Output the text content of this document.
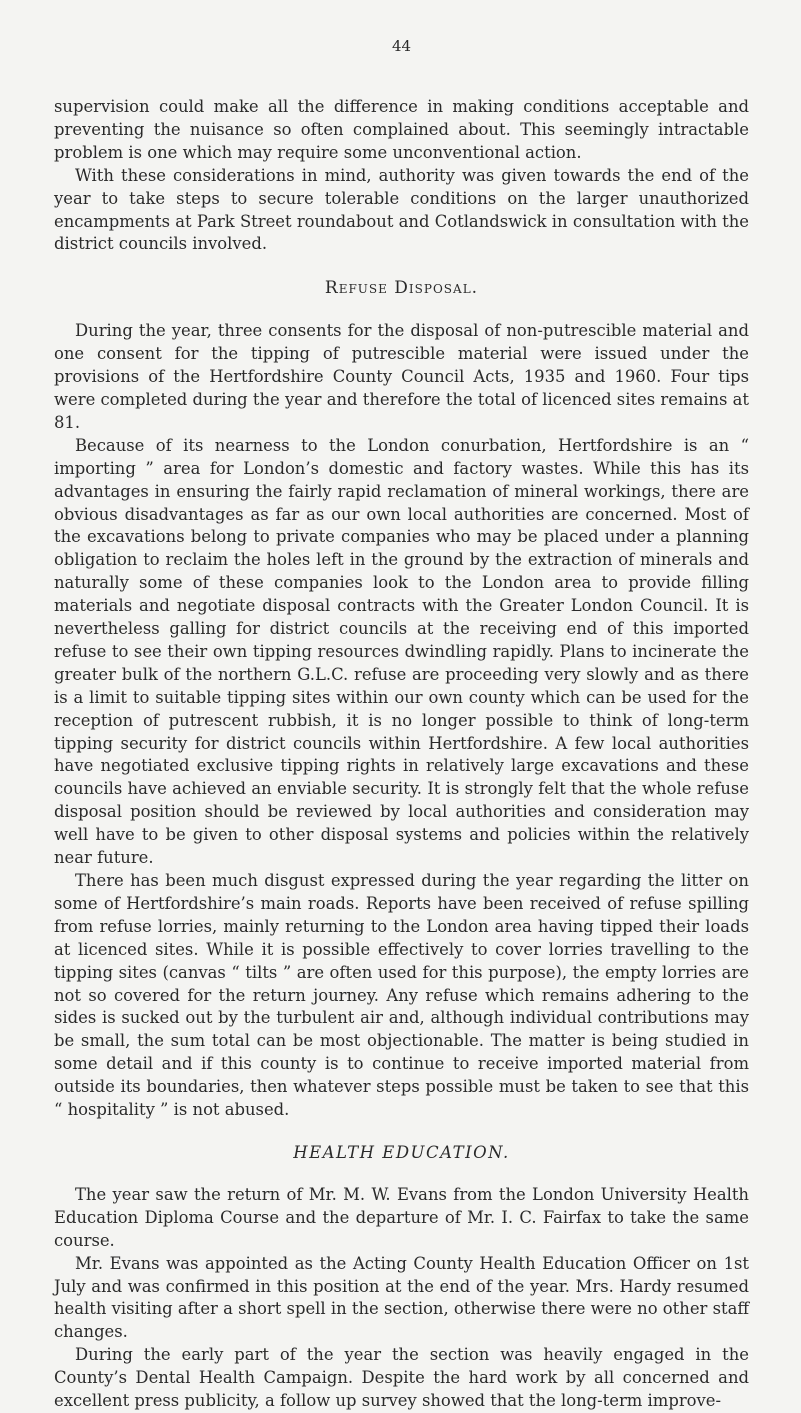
44

supervision could make all the difference in making conditions acceptable and preventing the nuisance so often complained about. This seemingly intractable problem is one which may require some unconventional action.

With these considerations in mind, authority was given towards the end of the year to take steps to secure tolerable conditions on the larger unauthorized encampments at Park Street roundabout and Cotlandswick in consultation with the district councils involved.

Refuse Disposal.

During the year, three consents for the disposal of non-putrescible material and one consent for the tipping of putrescible material were issued under the provisions of the Hertfordshire County Council Acts, 1935 and 1960. Four tips were completed during the year and therefore the total of licenced sites remains at 81.

Because of its nearness to the London conurbation, Hertfordshire is an “ importing ” area for London’s domestic and factory wastes. While this has its advantages in ensuring the fairly rapid reclamation of mineral workings, there are obvious disadvantages as far as our own local authorities are concerned. Most of the excavations belong to private companies who may be placed under a planning obligation to reclaim the holes left in the ground by the extraction of minerals and naturally some of these companies look to the London area to provide filling materials and negotiate disposal contracts with the Greater London Council. It is nevertheless galling for district councils at the receiving end of this imported refuse to see their own tipping resources dwindling rapidly. Plans to incinerate the greater bulk of the northern G.L.C. refuse are proceeding very slowly and as there is a limit to suitable tipping sites within our own county which can be used for the reception of putrescent rubbish, it is no longer possible to think of long-term tipping security for district councils within Hertfordshire. A few local authorities have negotiated exclusive tipping rights in relatively large excavations and these councils have achieved an enviable security. It is strongly felt that the whole refuse disposal position should be reviewed by local authorities and consideration may well have to be given to other disposal systems and policies within the relatively near future.

There has been much disgust expressed during the year regarding the litter on some of Hertfordshire’s main roads. Reports have been received of refuse spilling from refuse lorries, mainly returning to the London area having tipped their loads at licenced sites. While it is possible effectively to cover lorries travelling to the tipping sites (canvas “ tilts ” are often used for this purpose), the empty lorries are not so covered for the return journey. Any refuse which remains adhering to the sides is sucked out by the turbulent air and, although individual contributions may be small, the sum total can be most objectionable. The matter is being studied in some detail and if this county is to continue to receive imported material from outside its boundaries, then whatever steps possible must be taken to see that this “ hospitality ” is not abused.

HEALTH EDUCATION.

The year saw the return of Mr. M. W. Evans from the London University Health Education Diploma Course and the departure of Mr. I. C. Fairfax to take the same course.

Mr. Evans was appointed as the Acting County Health Education Officer on 1st July and was confirmed in this position at the end of the year. Mrs. Hardy resumed health visiting after a short spell in the section, otherwise there were no other staff changes.

During the early part of the year the section was heavily engaged in the County’s Dental Health Campaign. Despite the hard work by all concerned and excellent press publicity, a follow up survey showed that the long-term improve-
